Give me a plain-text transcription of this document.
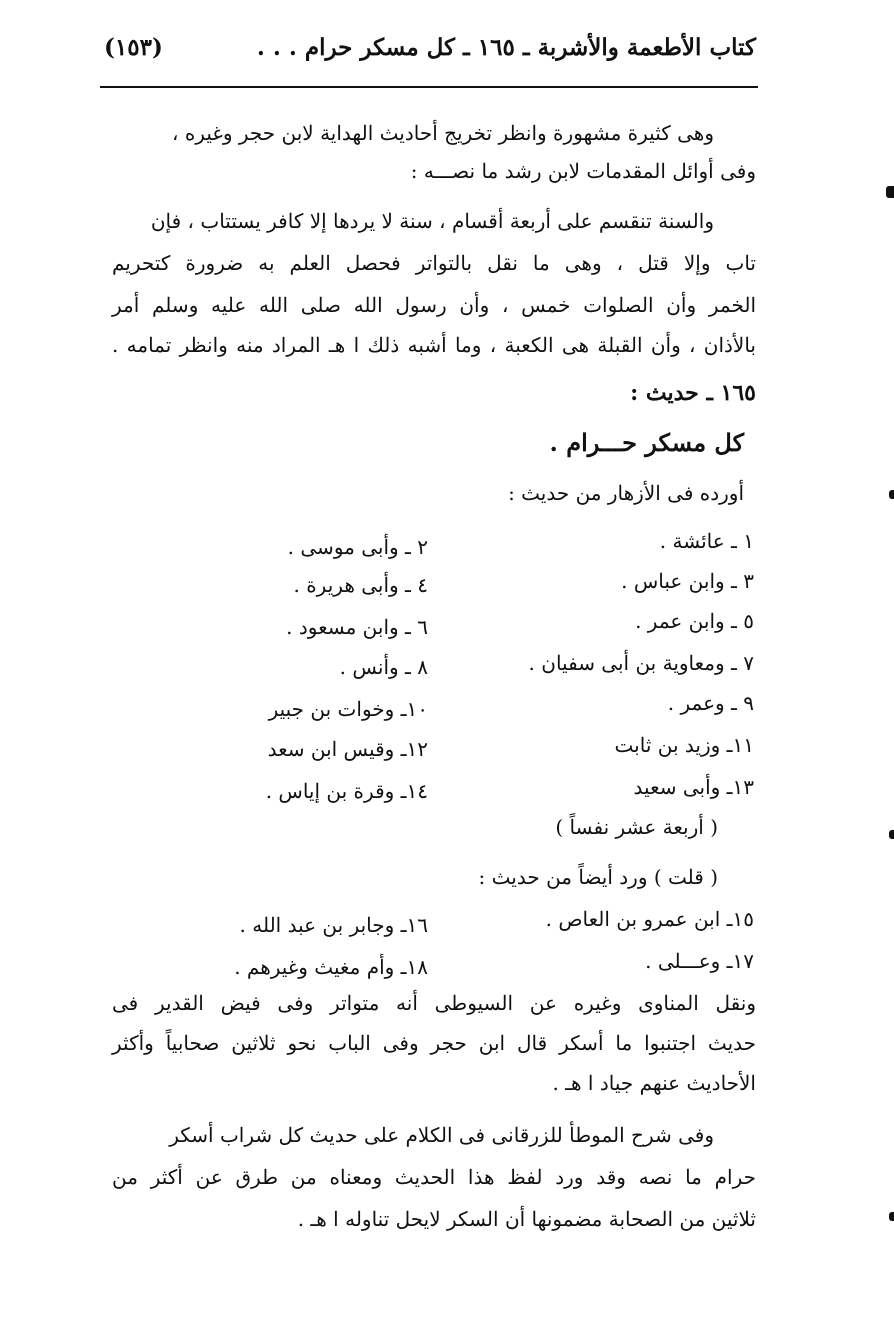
كتاب الأطعمة والأشربة ـ ١٦٥ ـ كل مسكر حرام . . .
(١٥٣)
وهى كثيرة مشهورة وانظر تخريج أحاديث الهداية لابن حجر وغيره ،
وفى أوائل المقدمات لابن رشد ما نصـــه :
والسنة تنقسم على أربعة أقسام ، سنة لا يردها إلا كافر يستتاب ، فإن
تاب وإلا قتل ، وهى ما نقل بالتواتر فحصل العلم به ضرورة كتحريم
الخمر وأن الصلوات خمس ، وأن رسول الله صلى الله عليه وسلم أمر
بالأذان ، وأن القبلة هى الكعبة ، وما أشبه ذلك ا هـ المراد منه وانظر تمامه .
١٦٥ ـ حديث :
كل مسكر حـــرام .
أورده فى الأزهار من حديث :
١ ـ عائشة .
٢ ـ وأبى موسى .
٣ ـ وابن عباس .
٤ ـ وأبى هريرة .
٥ ـ وابن عمر .
٦ ـ وابن مسعود .
٧ ـ ومعاوية بن أبى سفيان .
٨ ـ وأنس .
٩ ـ وعمر .
١٠ـ وخوات بن جبير
١١ـ وزيد بن ثابت
١٢ـ وقيس ابن سعد
١٣ـ وأبى سعيد
١٤ـ وقرة بن إياس .
( أربعة عشر نفساً )
( قلت ) ورد أيضاً من حديث :
١٥ـ ابن عمرو بن العاص .
١٦ـ وجابر بن عبد الله .
١٧ـ وعـــلى .
١٨ـ وأم مغيث وغيرهم .
ونقل المناوى وغيره عن السيوطى أنه متواتر وفى فيض القدير فى
حديث اجتنبوا ما أسكر قال ابن حجر وفى الباب نحو ثلاثين صحابياً وأكثر
الأحاديث عنهم جياد ا هـ .
وفى شرح الموطأ للزرقانى فى الكلام على حديث كل شراب أسكر
حرام ما نصه وقد ورد لفظ هذا الحديث ومعناه من طرق عن أكثر من
ثلاثين من الصحابة مضمونها أن السكر لايحل تناوله ا هـ .
